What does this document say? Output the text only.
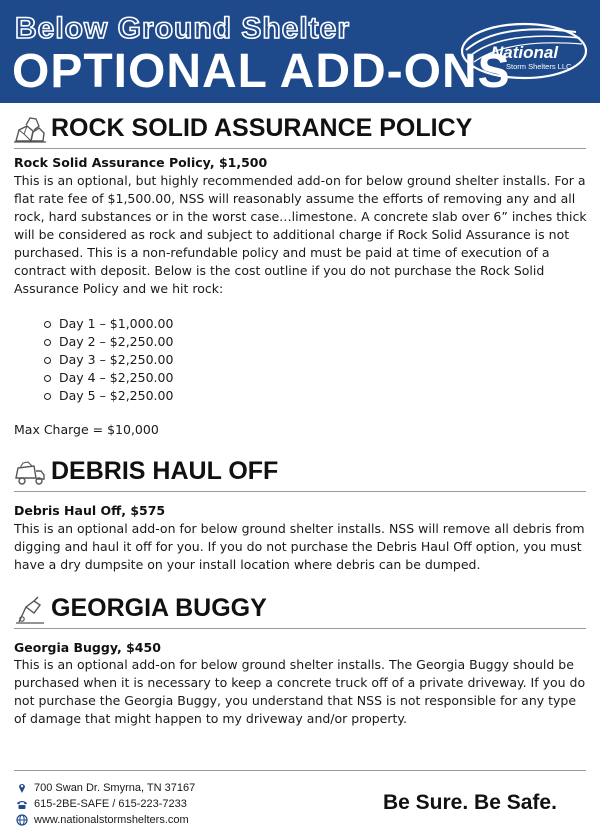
Below Ground Shelter
OPTIONAL ADD-ONS
National
Storm Shelters LLC
ROCK SOLID ASSURANCE POLICY
Rock Solid Assurance Policy, $1,500
This is an optional, but highly recommended add-on for below ground shelter installs. For a flat rate fee of $1,500.00, NSS will reasonably assume the efforts of removing any and all rock, hard substances or in the worst case…limestone. A concrete slab over 6” inches thick will be considered as rock and subject to additional charge if Rock Solid Assurance is not purchased. This is a non-refundable policy and must be paid at time of execution of a contract with deposit. Below is the cost outline if you do not purchase the Rock Solid Assurance Policy and we hit rock:
Day 1 – $1,000.00
Day 2 – $2,250.00
Day 3 – $2,250.00
Day 4 – $2,250.00
Day 5 – $2,250.00
Max Charge = $10,000
DEBRIS HAUL OFF
Debris Haul Off, $575
This is an optional add-on for below ground shelter installs. NSS will remove all debris from digging and haul it off for you. If you do not purchase the Debris Haul Off option, you must have a dry dumpsite on your install location where debris can be dumped.
GEORGIA BUGGY
Georgia Buggy, $450
This is an optional add-on for below ground shelter installs. The Georgia Buggy should be purchased when it is necessary to keep a concrete truck off of a private driveway. If you do not purchase the Georgia Buggy, you understand that NSS is not responsible for any type of damage that might happen to my driveway and/or property.
700 Swan Dr. Smyrna, TN 37167
615-2BE-SAFE / 615-223-7233
www.nationalstormshelters.com
Be Sure. Be Safe.
